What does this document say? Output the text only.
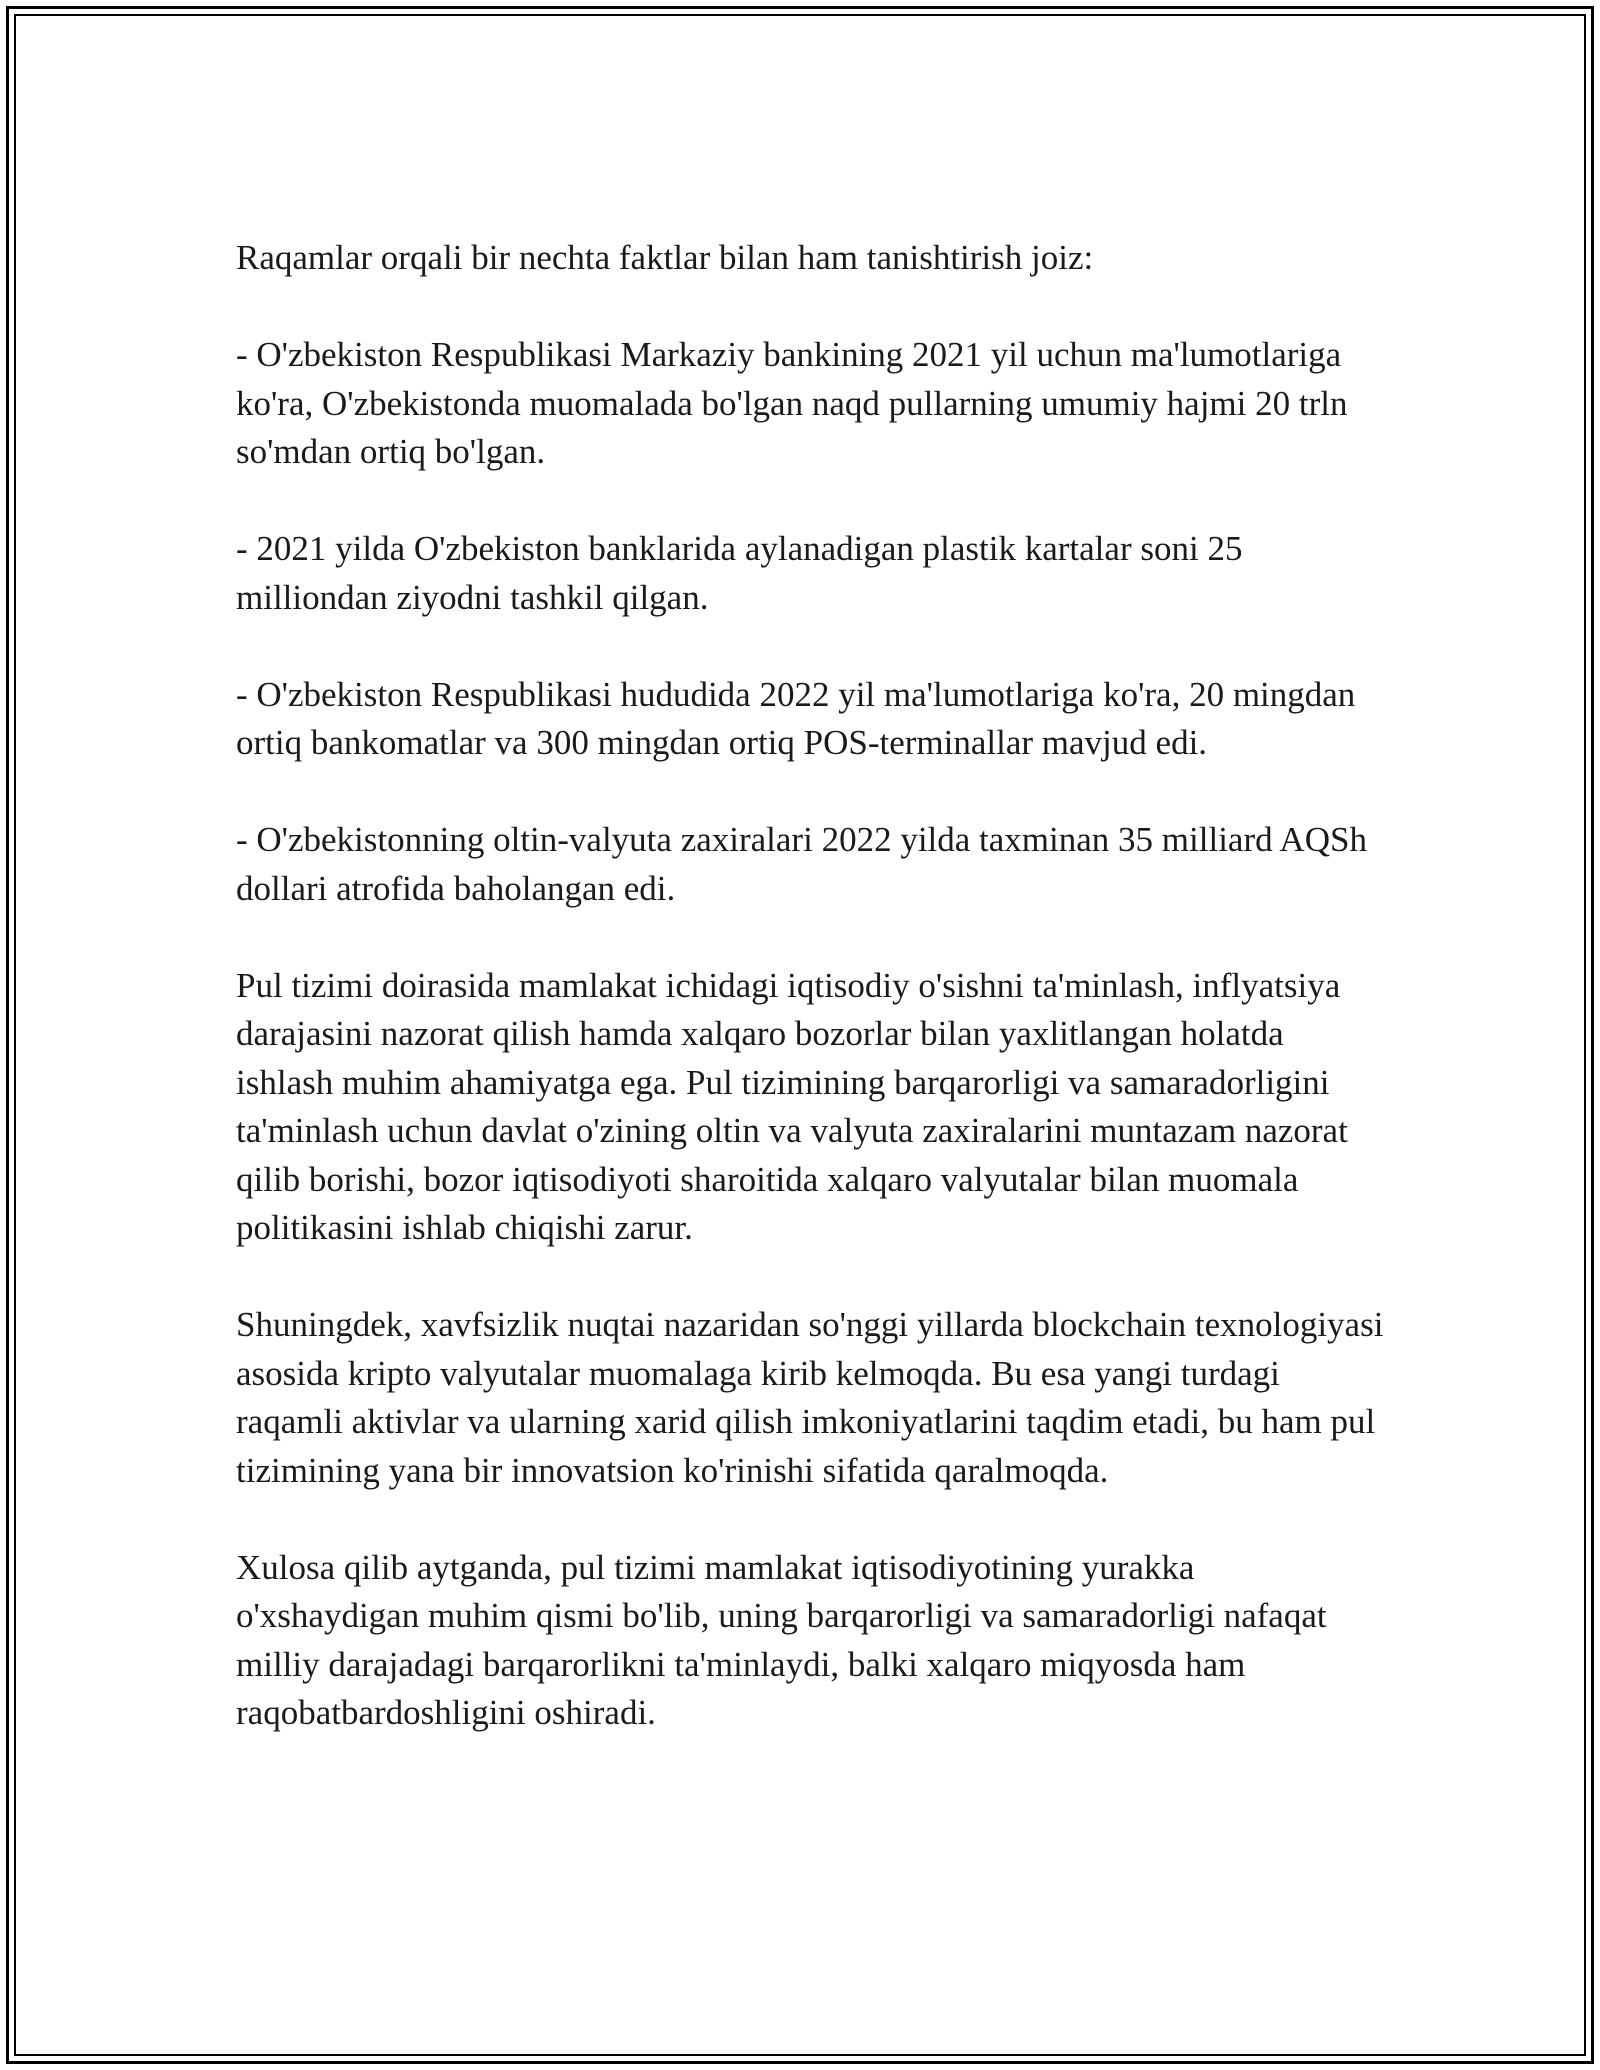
Raqamlar orqali bir nechta faktlar bilan ham tanishtirish joiz:

- O'zbekiston Respublikasi Markaziy bankining 2021 yil uchun ma'lumotlariga ko'ra, O'zbekistonda muomalada bo'lgan naqd pullarning umumiy hajmi 20 trln so'mdan ortiq bo'lgan.

- 2021 yilda O'zbekiston banklarida aylanadigan plastik kartalar soni 25 milliondan ziyodni tashkil qilgan.

- O'zbekiston Respublikasi hududida 2022 yil ma'lumotlariga ko'ra, 20 mingdan ortiq bankomatlar va 300 mingdan ortiq POS-terminallar mavjud edi.

- O'zbekistonning oltin-valyuta zaxiralari 2022 yilda taxminan 35 milliard AQSh dollari atrofida baholangan edi.

Pul tizimi doirasida mamlakat ichidagi iqtisodiy o'sishni ta'minlash, inflyatsiya darajasini nazorat qilish hamda xalqaro bozorlar bilan yaxlitlangan holatda ishlash muhim ahamiyatga ega. Pul tizimining barqarorligi va samaradorligini ta'minlash uchun davlat o'zining oltin va valyuta zaxiralarini muntazam nazorat qilib borishi, bozor iqtisodiyoti sharoitida xalqaro valyutalar bilan muomala politikasini ishlab chiqishi zarur.

Shuningdek, xavfsizlik nuqtai nazaridan so'nggi yillarda blockchain texnologiyasi asosida kripto valyutalar muomalaga kirib kelmoqda. Bu esa yangi turdagi raqamli aktivlar va ularning xarid qilish imkoniyatlarini taqdim etadi, bu ham pul tizimining yana bir innovatsion ko'rinishi sifatida qaralmoqda.

Xulosa qilib aytganda, pul tizimi mamlakat iqtisodiyotining yurakka o'xshaydigan muhim qismi bo'lib, uning barqarorligi va samaradorligi nafaqat milliy darajadagi barqarorlikni ta'minlaydi, balki xalqaro miqyosda ham raqobatbardoshligini oshiradi.
